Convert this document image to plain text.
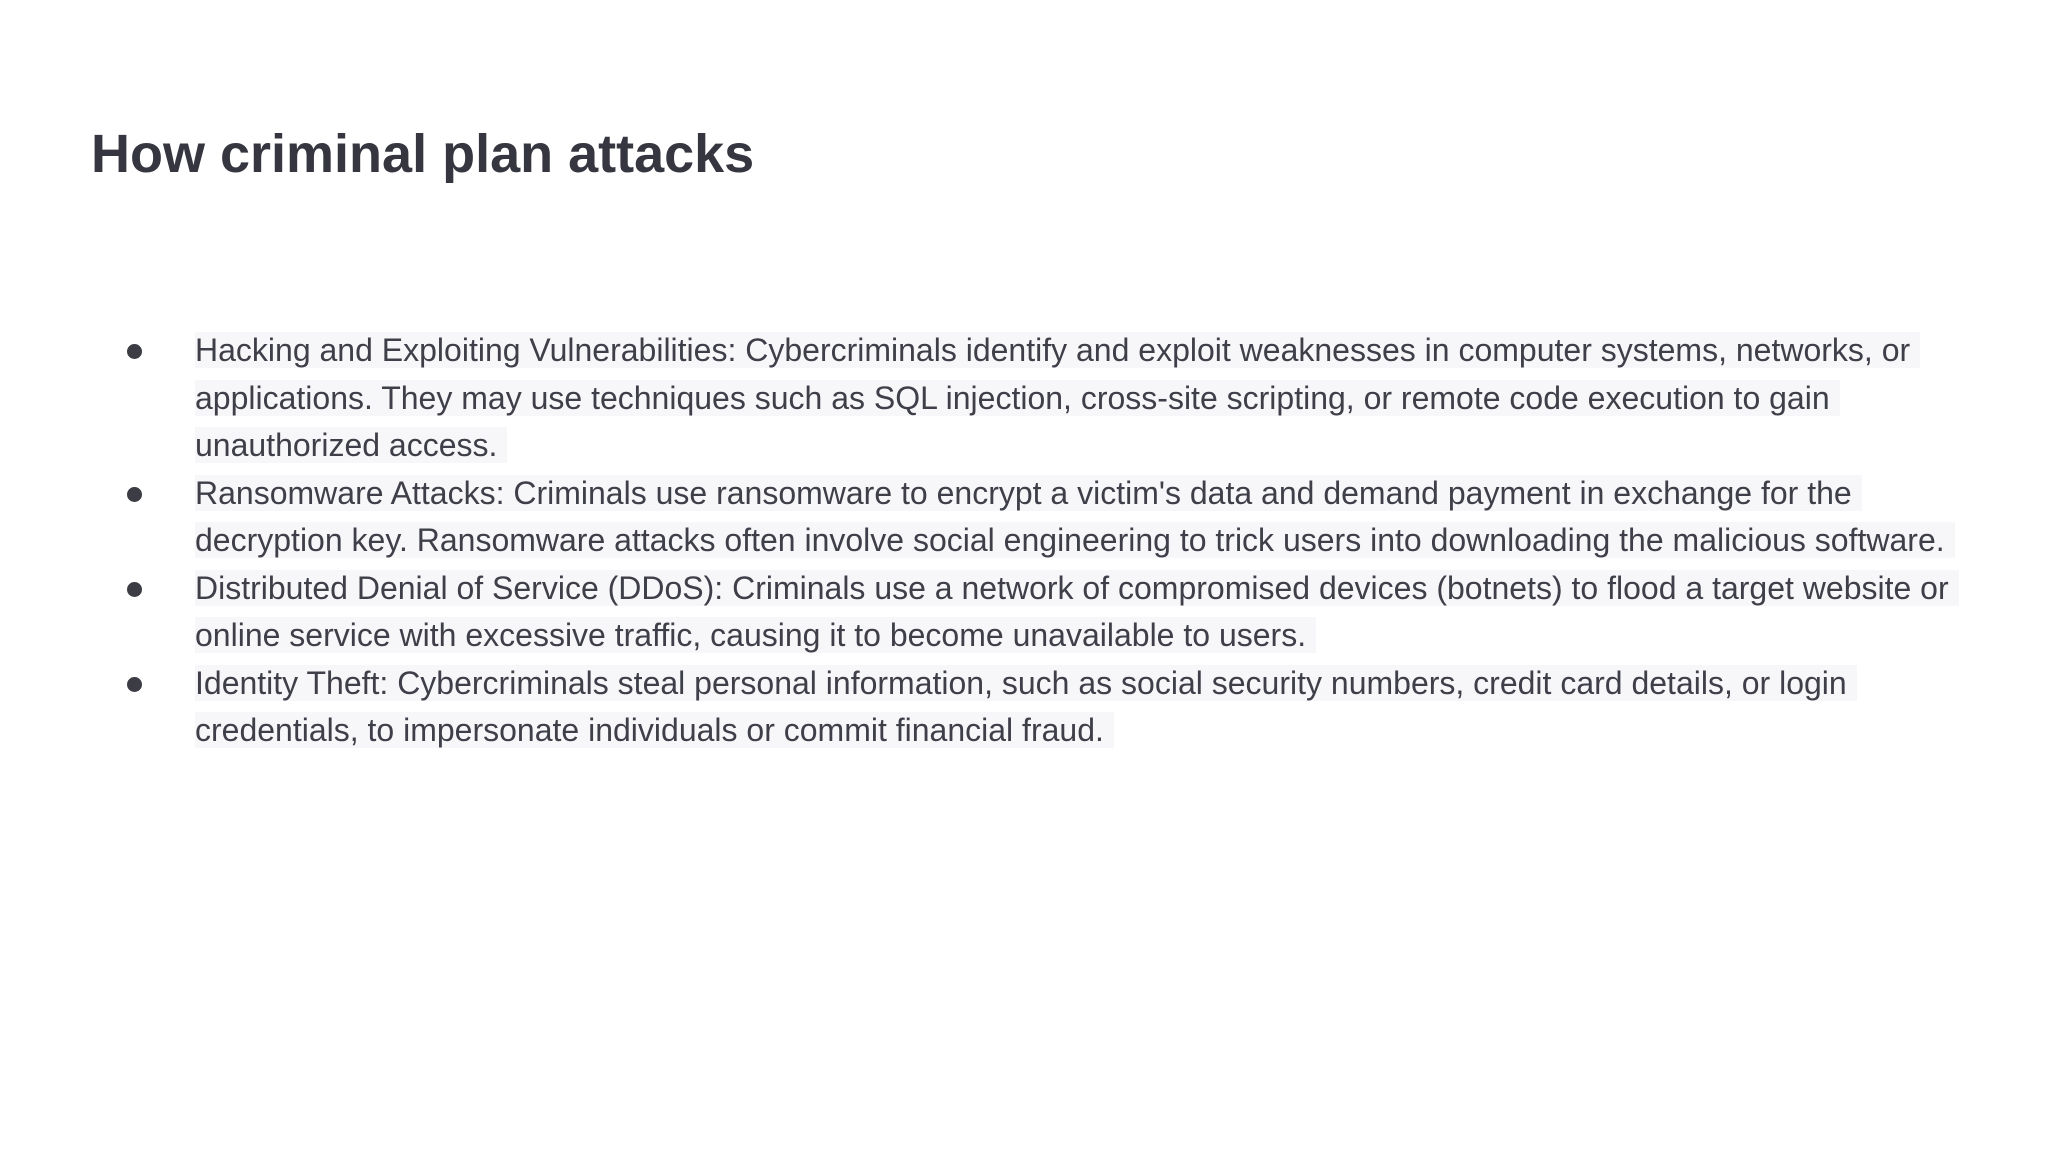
How criminal plan attacks
Hacking and Exploiting Vulnerabilities: Cybercriminals identify and exploit weaknesses in computer systems, networks, or applications. They may use techniques such as SQL injection, cross-site scripting, or remote code execution to gain unauthorized access.
Ransomware Attacks: Criminals use ransomware to encrypt a victim's data and demand payment in exchange for the decryption key. Ransomware attacks often involve social engineering to trick users into downloading the malicious software.
Distributed Denial of Service (DDoS): Criminals use a network of compromised devices (botnets) to flood a target website or online service with excessive traffic, causing it to become unavailable to users.
Identity Theft: Cybercriminals steal personal information, such as social security numbers, credit card details, or login credentials, to impersonate individuals or commit financial fraud.
